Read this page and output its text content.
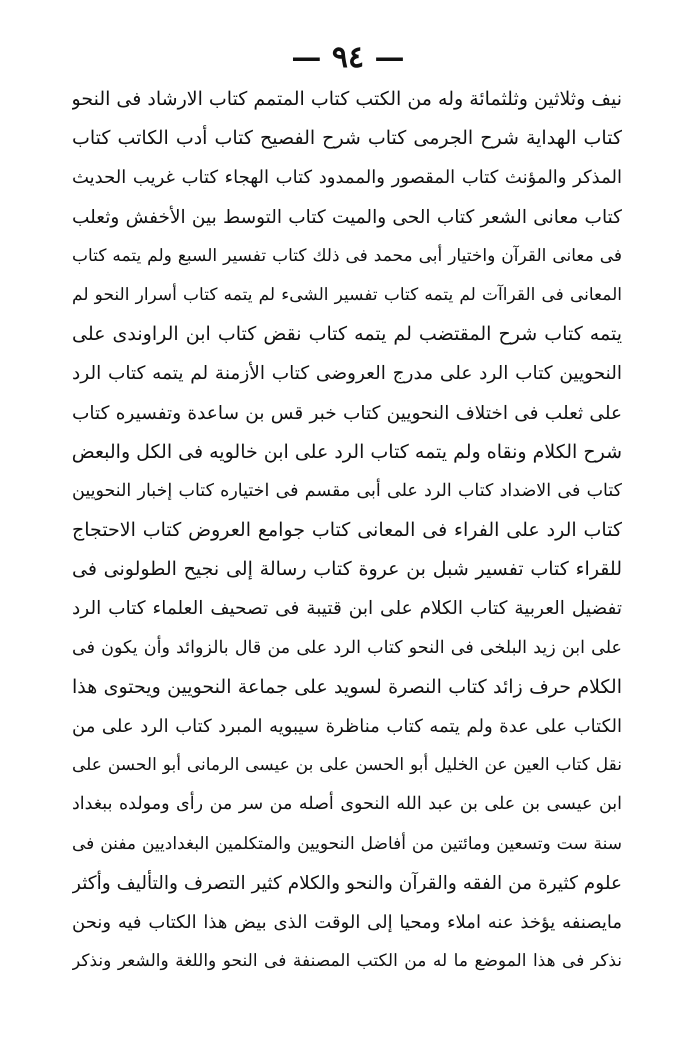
— ٩٤ —
نيف وثلاثين وثلثمائة وله من الكتب كتاب المتمم كتاب الارشاد فى النحو
كتاب الهداية شرح الجرمى كتاب شرح الفصيح كتاب أدب الكاتب كتاب
المذكر والمؤنث كتاب المقصور والممدود كتاب الهجاء كتاب غريب الحديث
كتاب معانى الشعر كتاب الحى والميت كتاب التوسط بين الأخفش وثعلب
فى معانى القرآن واختيار أبى محمد فى ذلك كتاب تفسير السبع ولم يتمه كتاب
المعانى فى القراآت لم يتمه كتاب تفسير الشىء لم يتمه كتاب أسرار النحو لم
يتمه كتاب شرح المقتضب لم يتمه كتاب نقض كتاب ابن الراوندى على
النحويين كتاب الرد على مدرج العروضى كتاب الأزمنة لم يتمه كتاب الرد
على ثعلب فى اختلاف النحويين كتاب خبر قس بن ساعدة وتفسيره كتاب
شرح الكلام ونقاه ولم يتمه كتاب الرد على ابن خالويه فى الكل والبعض
كتاب فى الاضداد كتاب الرد على أبى مقسم فى اختياره كتاب إخبار النحويين
كتاب الرد على الفراء فى المعانى كتاب جوامع العروض كتاب الاحتجاج
للقراء كتاب تفسير شبل بن عروة كتاب رسالة إلى نجيح الطولونى فى
تفضيل العربية كتاب الكلام على ابن قتيبة فى تصحيف العلماء كتاب الرد
على ابن زيد البلخى فى النحو كتاب الرد على من قال بالزوائد وأن يكون فى
الكلام حرف زائد كتاب النصرة لسويد على جماعة النحويين ويحتوى هذا
الكتاب على عدة ولم يتمه كتاب مناظرة سيبويه المبرد كتاب الرد على من
نقل كتاب العين عن الخليل أبو الحسن على بن عيسى الرمانى أبو الحسن على
ابن عيسى بن على بن عبد الله النحوى أصله من سر من رأى ومولده ببغداد
سنة ست وتسعين ومائتين من أفاضل النحويين والمتكلمين البغداديين مفنن فى
علوم كثيرة من الفقه والقرآن والنحو والكلام كثير التصرف والتأليف وأكثر
مايصنفه يؤخذ عنه املاء ومحيا إلى الوقت الذى بيض هذا الكتاب فيه ونحن
نذكر فى هذا الموضع ما له من الكتب المصنفة فى النحو واللغة والشعر ونذكر
